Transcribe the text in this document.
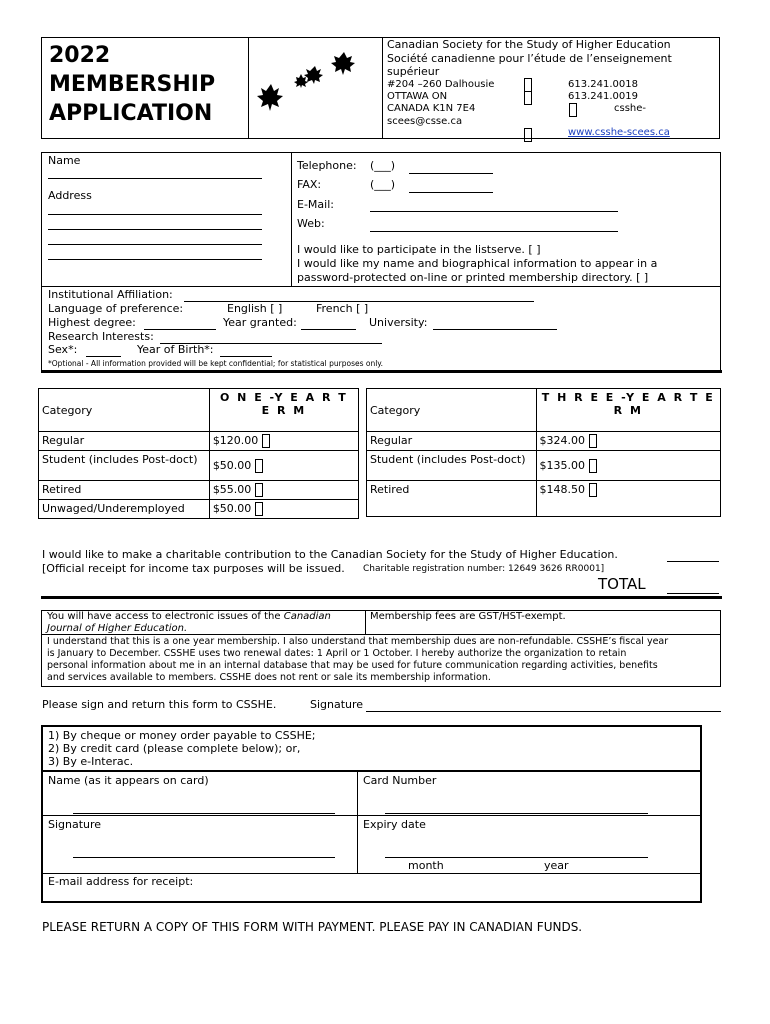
2022
MEMBERSHIP
APPLICATION
Canadian Society for the Study of Higher Education
Société canadienne pour l’étude de l’enseignement supérieur
#204 –260 Dalhousie
OTTAWA ON
CANADA K1N 7E4
scees@csse.ca
613.241.0018
613.241.0019
csshe-
www.csshe-scees.ca
Name
Address
Telephone: (___)
FAX:	(___)
E-Mail:
Web:
I would like to participate in the listserve. [ ]
I would like my name and biographical information to appear in a
password-protected on-line or printed membership directory. [ ]
Institutional Affiliation:
Language of preference:	English [ ]	French [ ]
Highest degree:	Year granted:	University:
Research Interests:
Sex*:	Year of Birth*:
*Optional - All information provided will be kept confidential; for statistical purposes only.
Category	O N E -Y E A R T E R M
Regular	$120.00
Student (includes Post-doct)	$50.00
Retired	$55.00
Unwaged/Underemployed	$50.00
Category	T H R E E -Y E A R T E R M
Regular	$324.00
Student (includes Post-doct)	$135.00
Retired	$148.50
I would like to make a charitable contribution to the Canadian Society for the Study of Higher Education.
[Official receipt for income tax purposes will be issued. Charitable registration number: 12649 3626 RR0001]
TOTAL
You will have access to electronic issues of the Canadian
Journal of Higher Education.
Membership fees are GST/HST-exempt.
I understand that this is a one year membership. I also understand that membership dues are non-refundable. CSSHE’s fiscal year
is January to December. CSSHE uses two renewal dates: 1 April or 1 October. I hereby authorize the organization to retain
personal information about me in an internal database that may be used for future communication regarding activities, benefits
and services available to members. CSSHE does not rent or sale its membership information.
Please sign and return this form to CSSHE.	Signature
1) By cheque or money order payable to CSSHE;
2) By credit card (please complete below); or,
3) By e-Interac.
Name (as it appears on card)	Card Number
Signature	Expiry date
month	year
E-mail address for receipt:
PLEASE RETURN A COPY OF THIS FORM WITH PAYMENT. PLEASE PAY IN CANADIAN FUNDS.
